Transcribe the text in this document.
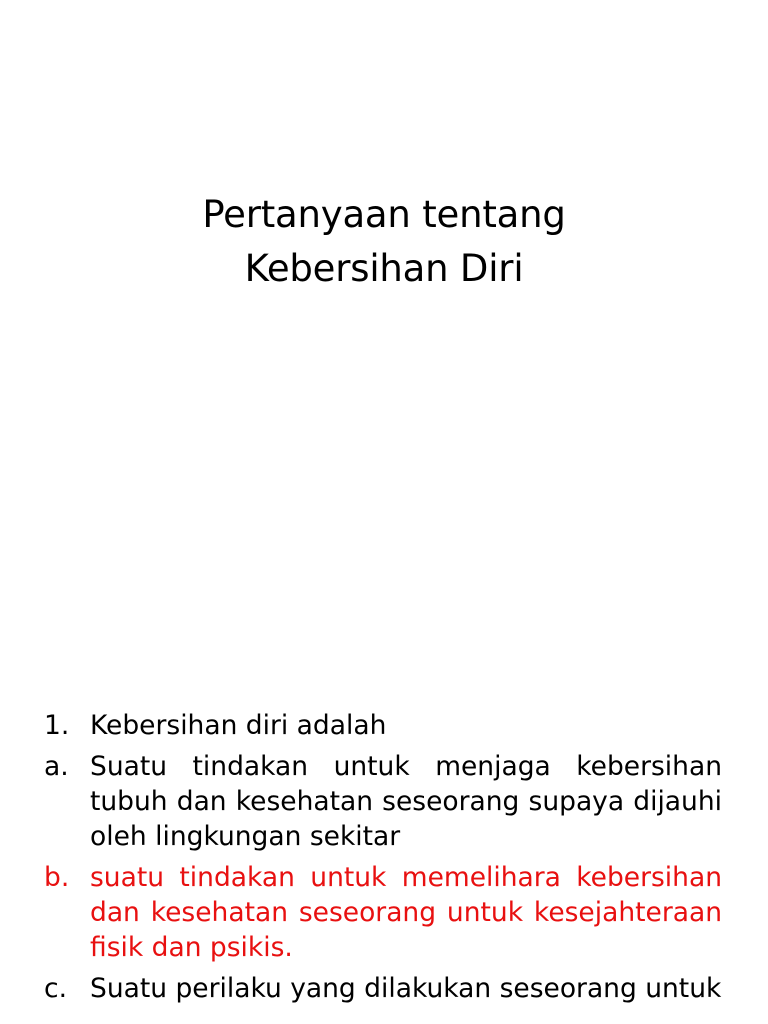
Pertanyaan tentang
Kebersihan Diri
1. Kebersihan diri adalah
a. Suatu tindakan untuk menjaga kebersihan tubuh dan kesehatan seseorang supaya dijauhi oleh lingkungan sekitar
b. suatu tindakan untuk memelihara kebersihan dan kesehatan seseorang untuk kesejahteraan fisik dan psikis.
c. Suatu perilaku yang dilakukan seseorang untuk
